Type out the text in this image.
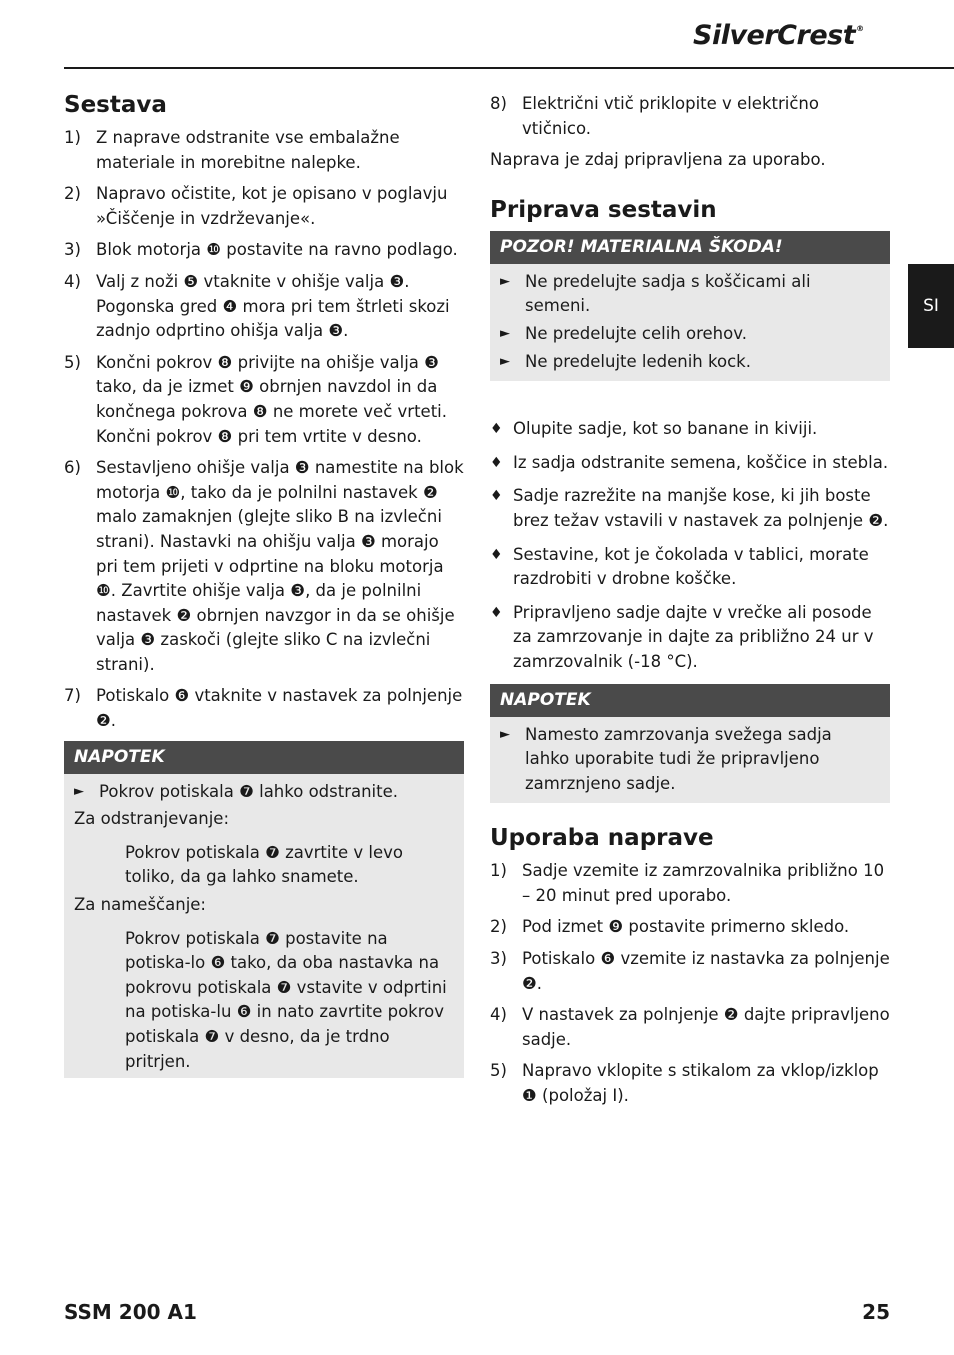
SilverCrest®
SI
Sestava
1) Z naprave odstranite vse embalažne materiale in morebitne nalepke.
2) Napravo očistite, kot je opisano v poglavju »Čiščenje in vzdrževanje«.
3) Blok motorja ❿ postavite na ravno podlago.
4) Valj z noži ❺ vtaknite v ohišje valja ❸. Pogonska gred ❹ mora pri tem štrleti skozi zadnjo odprtino ohišja valja ❸.
5) Končni pokrov ❽ privijte na ohišje valja ❸ tako, da je izmet ❾ obrnjen navzdol in da končnega pokrova ❽ ne morete več vrteti. Končni pokrov ❽ pri tem vrtite v desno.
6) Sestavljeno ohišje valja ❸ namestite na blok motorja ❿, tako da je polnilni nastavek ❷ malo zamaknjen (glejte sliko B na izvlečni strani). Nastavki na ohišju valja ❸ morajo pri tem prijeti v odprtine na bloku motorja ❿. Zavrtite ohišje valja ❸, da je polnilni nastavek ❷ obrnjen navzgor in da se ohišje valja ❸ zaskoči (glejte sliko C na izvlečni strani).
7) Potiskalo ❻ vtaknite v nastavek za polnjenje ❷.
NAPOTEK
► Pokrov potiskala ❼ lahko odstranite.

Za odstranjevanje:

Pokrov potiskala ❼ zavrtite v levo toliko, da ga lahko snamete.

Za nameščanje:

Pokrov potiskala ❼ postavite na potiska-lo ❻ tako, da oba nastavka na pokrovu potiskala ❼ vstavite v odprtini na potiska-lu ❻ in nato zavrtite pokrov potiskala ❼ v desno, da je trdno pritrjen.

8) Električni vtič priklopite v električno vtičnico.

Naprava je zdaj pripravljena za uporabo.

Priprava sestavin
POZOR! MATERIALNA ŠKODA!
► Ne predelujte sadja s koščicami ali semeni.
► Ne predelujte celih orehov.
► Ne predelujte ledenih kock.
♦ Olupite sadje, kot so banane in kiviji.
♦ Iz sadja odstranite semena, koščice in stebla.
♦ Sadje razrežite na manjše kose, ki jih boste brez težav vstavili v nastavek za polnjenje ❷.
♦ Sestavine, kot je čokolada v tablici, morate razdrobiti v drobne koščke.
♦ Pripravljeno sadje dajte v vrečke ali posode za zamrzovanje in dajte za približno 24 ur v zamrzovalnik (-18 °C).
NAPOTEK
► Namesto zamrzovanja svežega sadja lahko uporabite tudi že pripravljeno zamrznjeno sadje.
Uporaba naprave
1) Sadje vzemite iz zamrzovalnika približno 10 – 20 minut pred uporabo.
2) Pod izmet ❾ postavite primerno skledo.
3) Potiskalo ❻ vzemite iz nastavka za polnjenje ❷.
4) V nastavek za polnjenje ❷ dajte pripravljeno sadje.
5) Napravo vklopite s stikalom za vklop/izklop ❶ (položaj I).
SSM 200 A1	25
